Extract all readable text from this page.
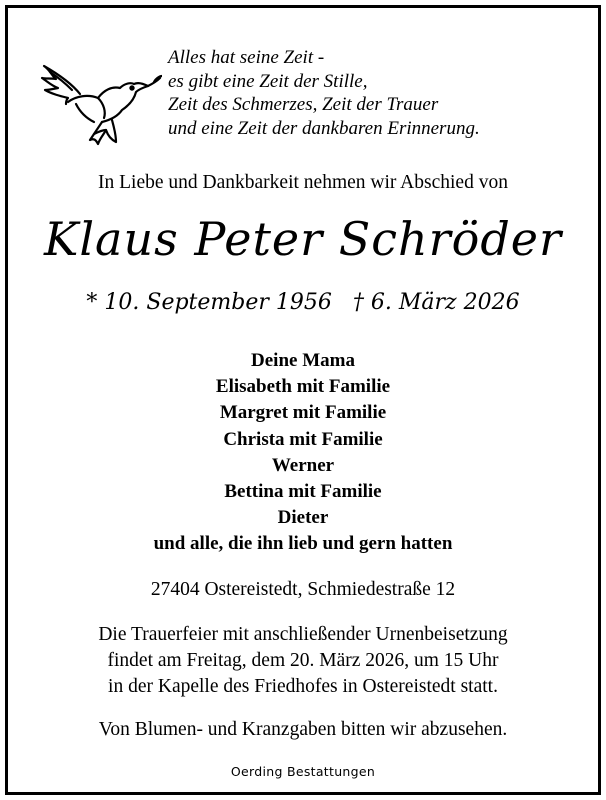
Alles hat seine Zeit -
es gibt eine Zeit der Stille,
Zeit des Schmerzes, Zeit der Trauer
und eine Zeit der dankbaren Erinnerung.
In Liebe und Dankbarkeit nehmen wir Abschied von
Klaus Peter Schröder
* 10. September 1956   † 6. März 2026
Deine Mama
Elisabeth mit Familie
Margret mit Familie
Christa mit Familie
Werner
Bettina mit Familie
Dieter
und alle, die ihn lieb und gern hatten
27404 Ostereistedt, Schmiedestraße 12
Die Trauerfeier mit anschließender Urnenbeisetzung
findet am Freitag, dem 20. März 2026, um 15 Uhr
in der Kapelle des Friedhofes in Ostereistedt statt.
Von Blumen- und Kranzgaben bitten wir abzusehen.
Oerding Bestattungen
